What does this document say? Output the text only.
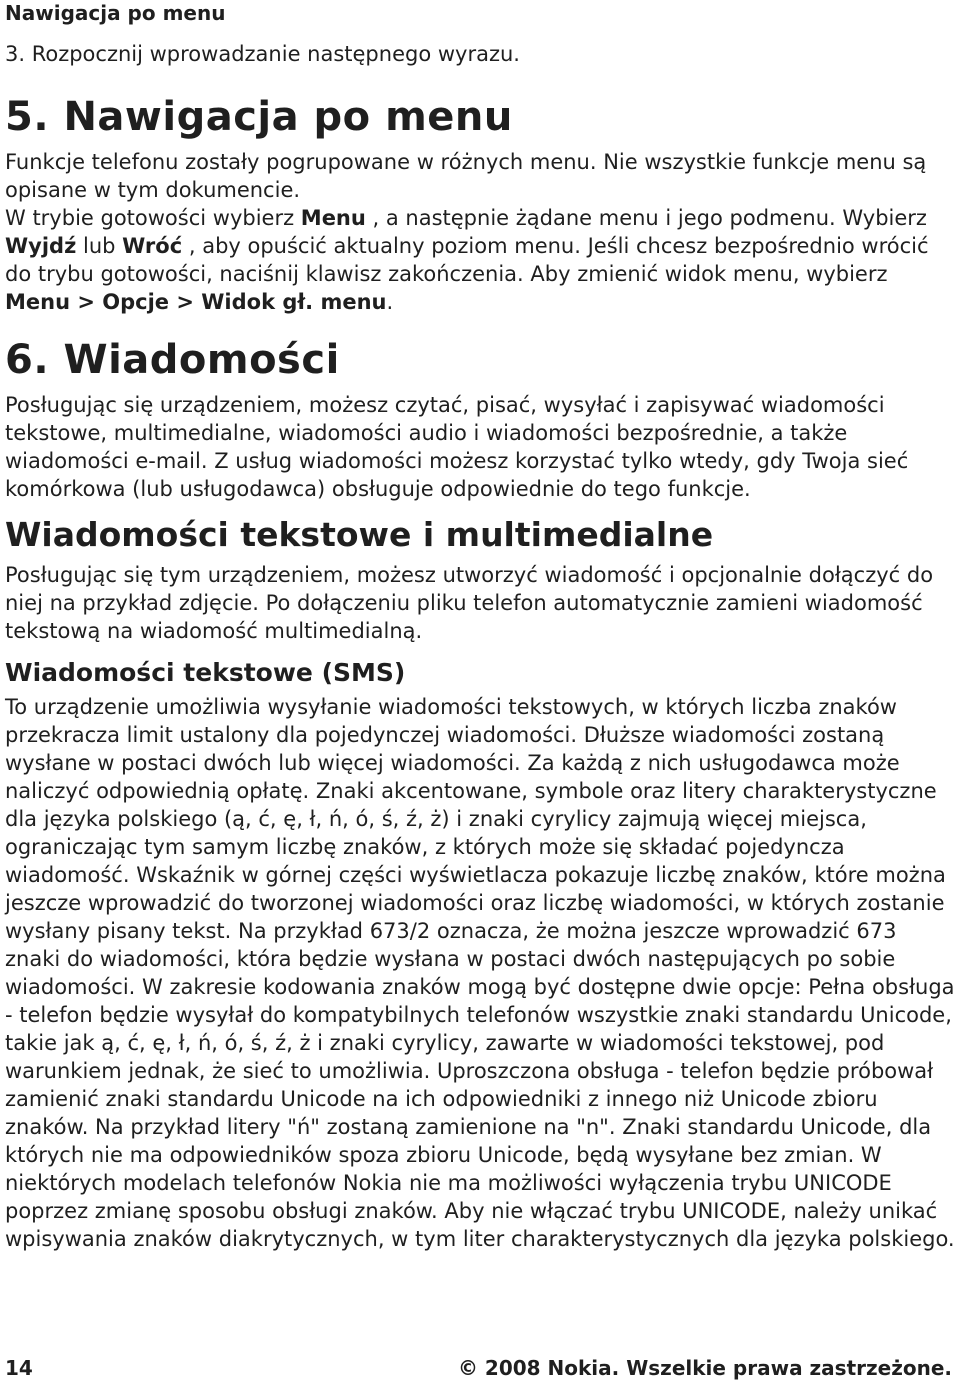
Nawigacja po menu
3. Rozpocznij wprowadzanie następnego wyrazu.
5. Nawigacja po menu

Funkcje telefonu zostały pogrupowane w różnych menu. Nie wszystkie funkcje menu są opisane w tym dokumencie.

W trybie gotowości wybierz Menu , a następnie żądane menu i jego podmenu. Wybierz Wyjdź lub Wróć , aby opuścić aktualny poziom menu. Jeśli chcesz bezpośrednio wrócić do trybu gotowości, naciśnij klawisz zakończenia. Aby zmienić widok menu, wybierz Menu > Opcje > Widok gł. menu.

6. Wiadomości

Posługując się urządzeniem, możesz czytać, pisać, wysyłać i zapisywać wiadomości tekstowe, multimedialne, wiadomości audio i wiadomości bezpośrednie, a także wiadomości e-mail. Z usług wiadomości możesz korzystać tylko wtedy, gdy Twoja sieć komórkowa (lub usługodawca) obsługuje odpowiednie do tego funkcje.

Wiadomości tekstowe i multimedialne

Posługując się tym urządzeniem, możesz utworzyć wiadomość i opcjonalnie dołączyć do niej na przykład zdjęcie. Po dołączeniu pliku telefon automatycznie zamieni wiadomość tekstową na wiadomość multimedialną.

Wiadomości tekstowe (SMS)

To urządzenie umożliwia wysyłanie wiadomości tekstowych, w których liczba znaków przekracza limit ustalony dla pojedynczej wiadomości. Dłuższe wiadomości zostaną wysłane w postaci dwóch lub więcej wiadomości. Za każdą z nich usługodawca może naliczyć odpowiednią opłatę. Znaki akcentowane, symbole oraz litery charakterystyczne dla języka polskiego (ą, ć, ę, ł, ń, ó, ś, ź, ż) i znaki cyrylicy zajmują więcej miejsca, ograniczając tym samym liczbę znaków, z których może się składać pojedyncza wiadomość. Wskaźnik w górnej części wyświetlacza pokazuje liczbę znaków, które można jeszcze wprowadzić do tworzonej wiadomości oraz liczbę wiadomości, w których zostanie wysłany pisany tekst. Na przykład 673/2 oznacza, że można jeszcze wprowadzić 673 znaki do wiadomości, która będzie wysłana w postaci dwóch następujących po sobie wiadomości. W zakresie kodowania znaków mogą być dostępne dwie opcje: Pełna obsługa - telefon będzie wysyłał do kompatybilnych telefonów wszystkie znaki standardu Unicode, takie jak ą, ć, ę, ł, ń, ó, ś, ź, ż i znaki cyrylicy, zawarte w wiadomości tekstowej, pod warunkiem jednak, że sieć to umożliwia. Uproszczona obsługa - telefon będzie próbował zamienić znaki standardu Unicode na ich odpowiedniki z innego niż Unicode zbioru znaków. Na przykład litery "ń" zostaną zamienione na "n". Znaki standardu Unicode, dla których nie ma odpowiedników spoza zbioru Unicode, będą wysyłane bez zmian. W niektórych modelach telefonów Nokia nie ma możliwości wyłączenia trybu UNICODE poprzez zmianę sposobu obsługi znaków. Aby nie włączać trybu UNICODE, należy unikać wpisywania znaków diakrytycznych, w tym liter charakterystycznych dla języka polskiego.

14	© 2008 Nokia. Wszelkie prawa zastrzeżone.
